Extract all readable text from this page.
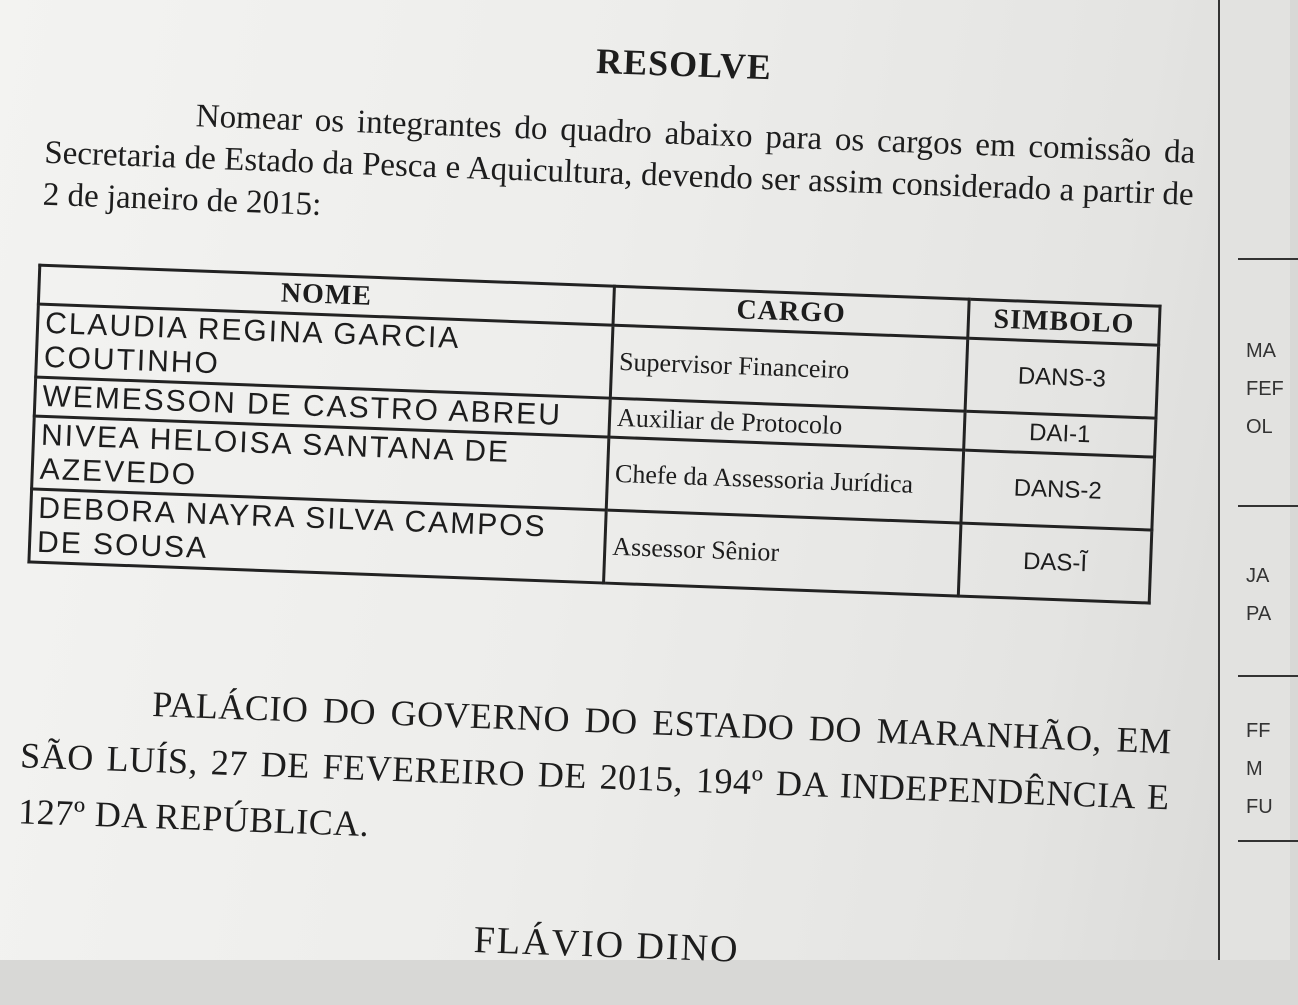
RESOLVE

Nomear os integrantes do quadro abaixo para os cargos em comissão da Secretaria de Estado da Pesca e Aquicultura, devendo ser assim considerado a partir de 2 de janeiro de 2015:

NOME	CARGO	SIMBOLO
CLAUDIA REGINA GARCIA COUTINHO	Supervisor Financeiro	DANS-3
WEMESSON DE CASTRO ABREU	Auxiliar de Protocolo	DAI-1
NIVEA HELOISA SANTANA DE AZEVEDO	Chefe da Assessoria Jurídica	DANS-2
DEBORA NAYRA SILVA CAMPOS DE SOUSA	Assessor Sênior	DAS-Ĩ

PALÁCIO DO GOVERNO DO ESTADO DO MARANHÃO, EM SÃO LUÍS, 27 DE FEVEREIRO DE 2015, 194º DA INDEPENDÊNCIA E 127º DA REPÚBLICA.

FLÁVIO DINO

MA

FEF

OL

JA

PA

FF

M

FU
